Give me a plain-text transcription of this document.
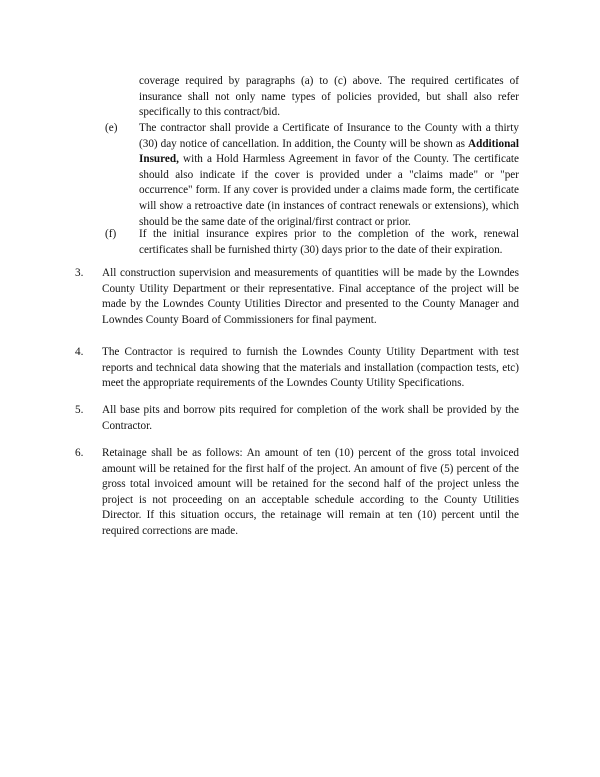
coverage required by paragraphs (a) to (c) above. The required certificates of insurance shall not only name types of policies provided, but shall also refer specifically to this contract/bid.
(e)	The contractor shall provide a Certificate of Insurance to the County with a thirty (30) day notice of cancellation. In addition, the County will be shown as Additional Insured, with a Hold Harmless Agreement in favor of the County. The certificate should also indicate if the cover is provided under a "claims made" or "per occurrence" form. If any cover is provided under a claims made form, the certificate will show a retroactive date (in instances of contract renewals or extensions), which should be the same date of the original/first contract or prior.
(f)	If the initial insurance expires prior to the completion of the work, renewal certificates shall be furnished thirty (30) days prior to the date of their expiration.
3.	All construction supervision and measurements of quantities will be made by the Lowndes County Utility Department or their representative. Final acceptance of the project will be made by the Lowndes County Utilities Director and presented to the County Manager and Lowndes County Board of Commissioners for final payment.
4.	The Contractor is required to furnish the Lowndes County Utility Department with test reports and technical data showing that the materials and installation (compaction tests, etc) meet the appropriate requirements of the Lowndes County Utility Specifications.
5.	All base pits and borrow pits required for completion of the work shall be provided by the Contractor.
6.	Retainage shall be as follows: An amount of ten (10) percent of the gross total invoiced amount will be retained for the first half of the project. An amount of five (5) percent of the gross total invoiced amount will be retained for the second half of the project unless the project is not proceeding on an acceptable schedule according to the County Utilities Director. If this situation occurs, the retainage will remain at ten (10) percent until the required corrections are made.
